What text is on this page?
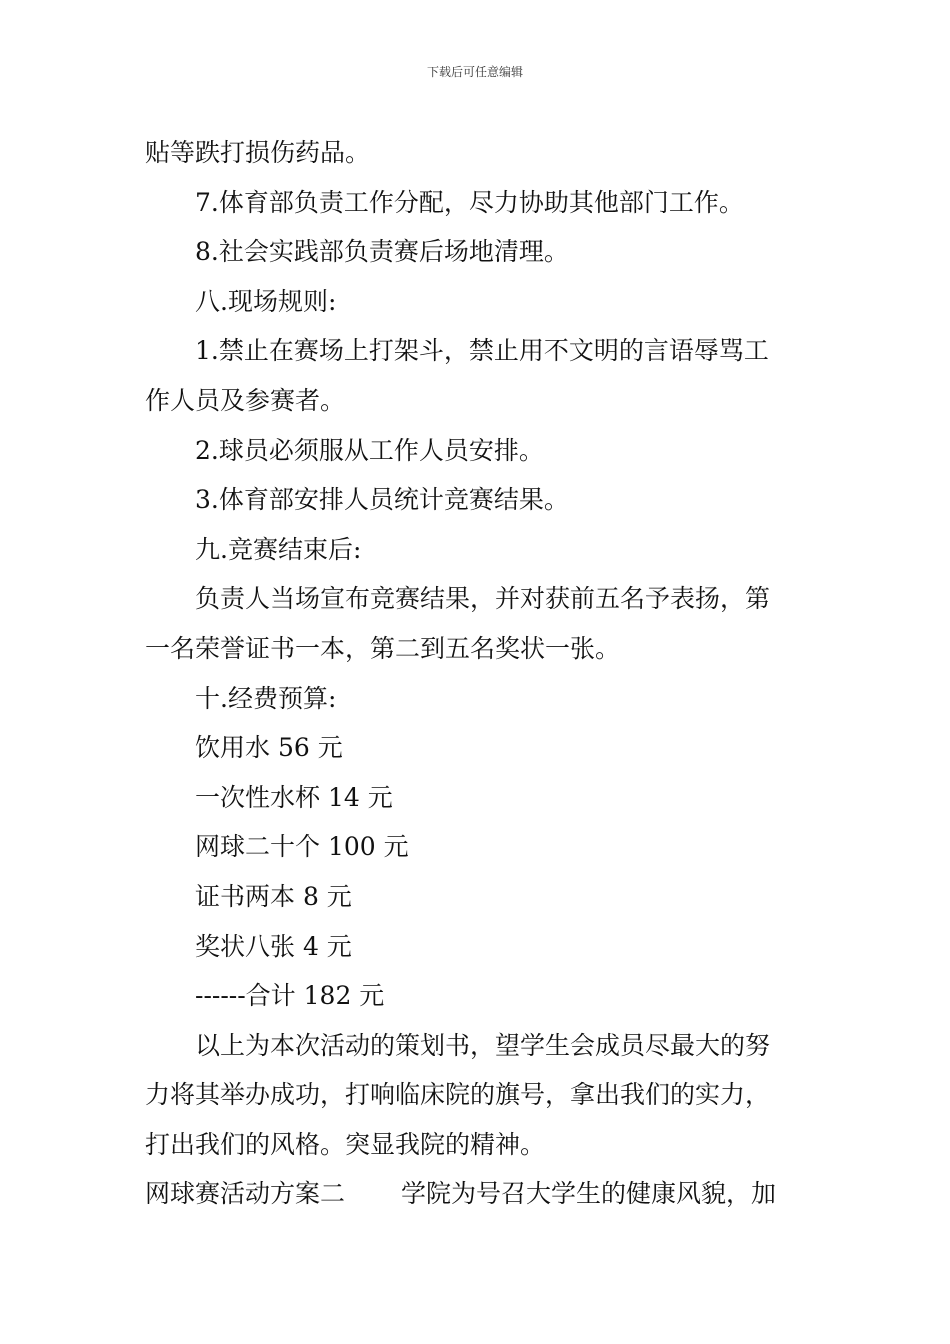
下载后可任意编辑
贴等跌打损伤药品。
7.体育部负责工作分配，尽力协助其他部门工作。
8.社会实践部负责赛后场地清理。
八.现场规则:
1.禁止在赛场上打架斗，禁止用不文明的言语辱骂工
作人员及参赛者。
2.球员必须服从工作人员安排。
3.体育部安排人员统计竞赛结果。
九.竞赛结束后:
负责人当场宣布竞赛结果，并对获前五名予表扬，第
一名荣誉证书一本，第二到五名奖状一张。
十.经费预算:
饮用水 56 元
一次性水杯 14 元
网球二十个 100 元
证书两本 8 元
奖状八张 4 元
------合计 182 元
以上为本次活动的策划书，望学生会成员尽最大的努
力将其举办成功，打响临床院的旗号，拿出我们的实力，
打出我们的风格。突显我院的精神。
网球赛活动方案二 学院为号召大学生的健康风貌，加
